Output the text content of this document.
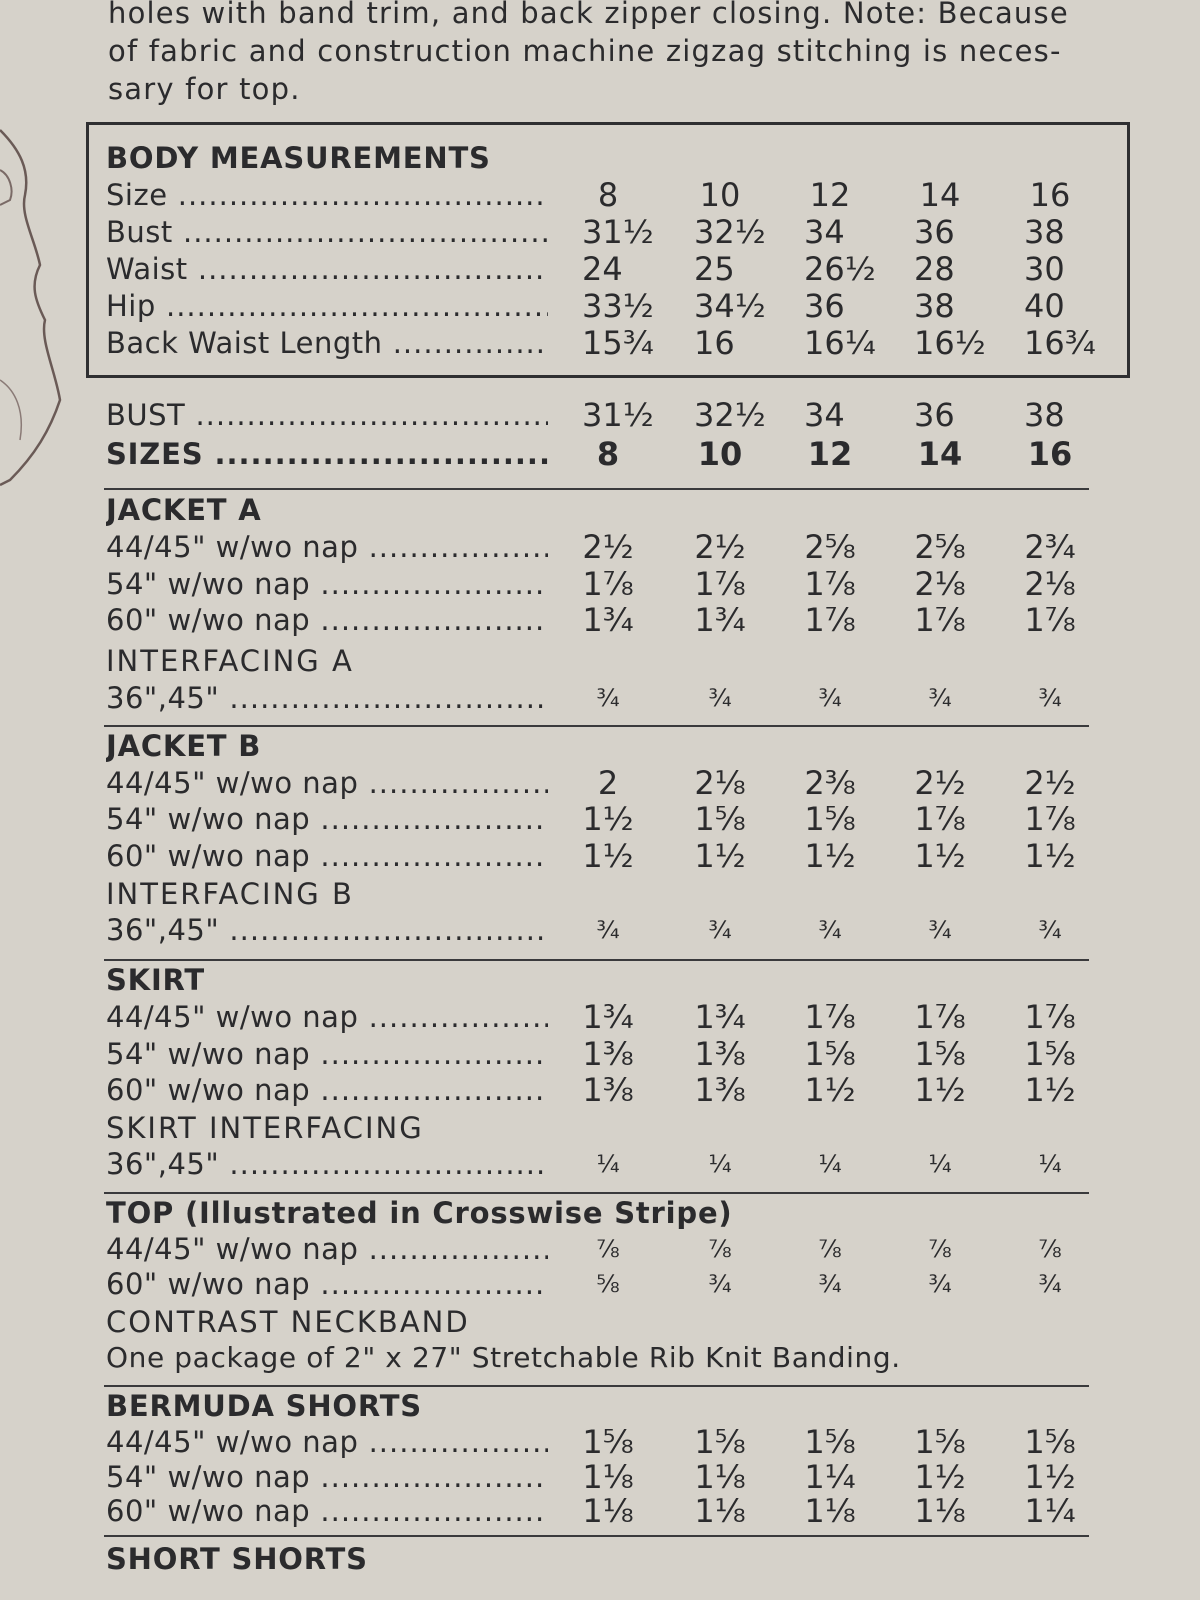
holes with band trim, and back zipper closing. Note: Because
of fabric and construction machine zigzag stitching is neces-
sary for top.
BODY MEASUREMENTS
Size .....	8	10	12	14	16
Bust .....	31½	32½	34	36	38
Waist .....	24	25	26½	28	30
Hip .....	33½	34½	36	38	40
Back Waist Length .....	15¾	16	16¼	16½	16¾
BUST .....	31½	32½	34	36	38
SIZES .....	8	10	12	14	16
JACKET A
44/45" w/wo nap .....	2½	2½	2⅝	2⅝	2¾
54" w/wo nap .....	1⅞	1⅞	1⅞	2⅛	2⅛
60" w/wo nap .....	1¾	1¾	1⅞	1⅞	1⅞
INTERFACING A
36",45" .....	¾	¾	¾	¾	¾
JACKET B
44/45" w/wo nap .....	2	2⅛	2⅜	2½	2½
54" w/wo nap .....	1½	1⅝	1⅝	1⅞	1⅞
60" w/wo nap .....	1½	1½	1½	1½	1½
INTERFACING B
36",45" .....	¾	¾	¾	¾	¾
SKIRT
44/45" w/wo nap .....	1¾	1¾	1⅞	1⅞	1⅞
54" w/wo nap .....	1⅜	1⅜	1⅝	1⅝	1⅝
60" w/wo nap .....	1⅜	1⅜	1½	1½	1½
SKIRT INTERFACING
36",45" .....	¼	¼	¼	¼	¼
TOP (Illustrated in Crosswise Stripe)
44/45" w/wo nap .....	⅞	⅞	⅞	⅞	⅞
60" w/wo nap .....	⅝	¾	¾	¾	¾
CONTRAST NECKBAND
One package of 2" x 27" Stretchable Rib Knit Banding.
BERMUDA SHORTS
44/45" w/wo nap .....	1⅝	1⅝	1⅝	1⅝	1⅝
54" w/wo nap .....	1⅛	1⅛	1¼	1½	1½
60" w/wo nap .....	1⅛	1⅛	1⅛	1⅛	1¼
SHORT SHORTS
